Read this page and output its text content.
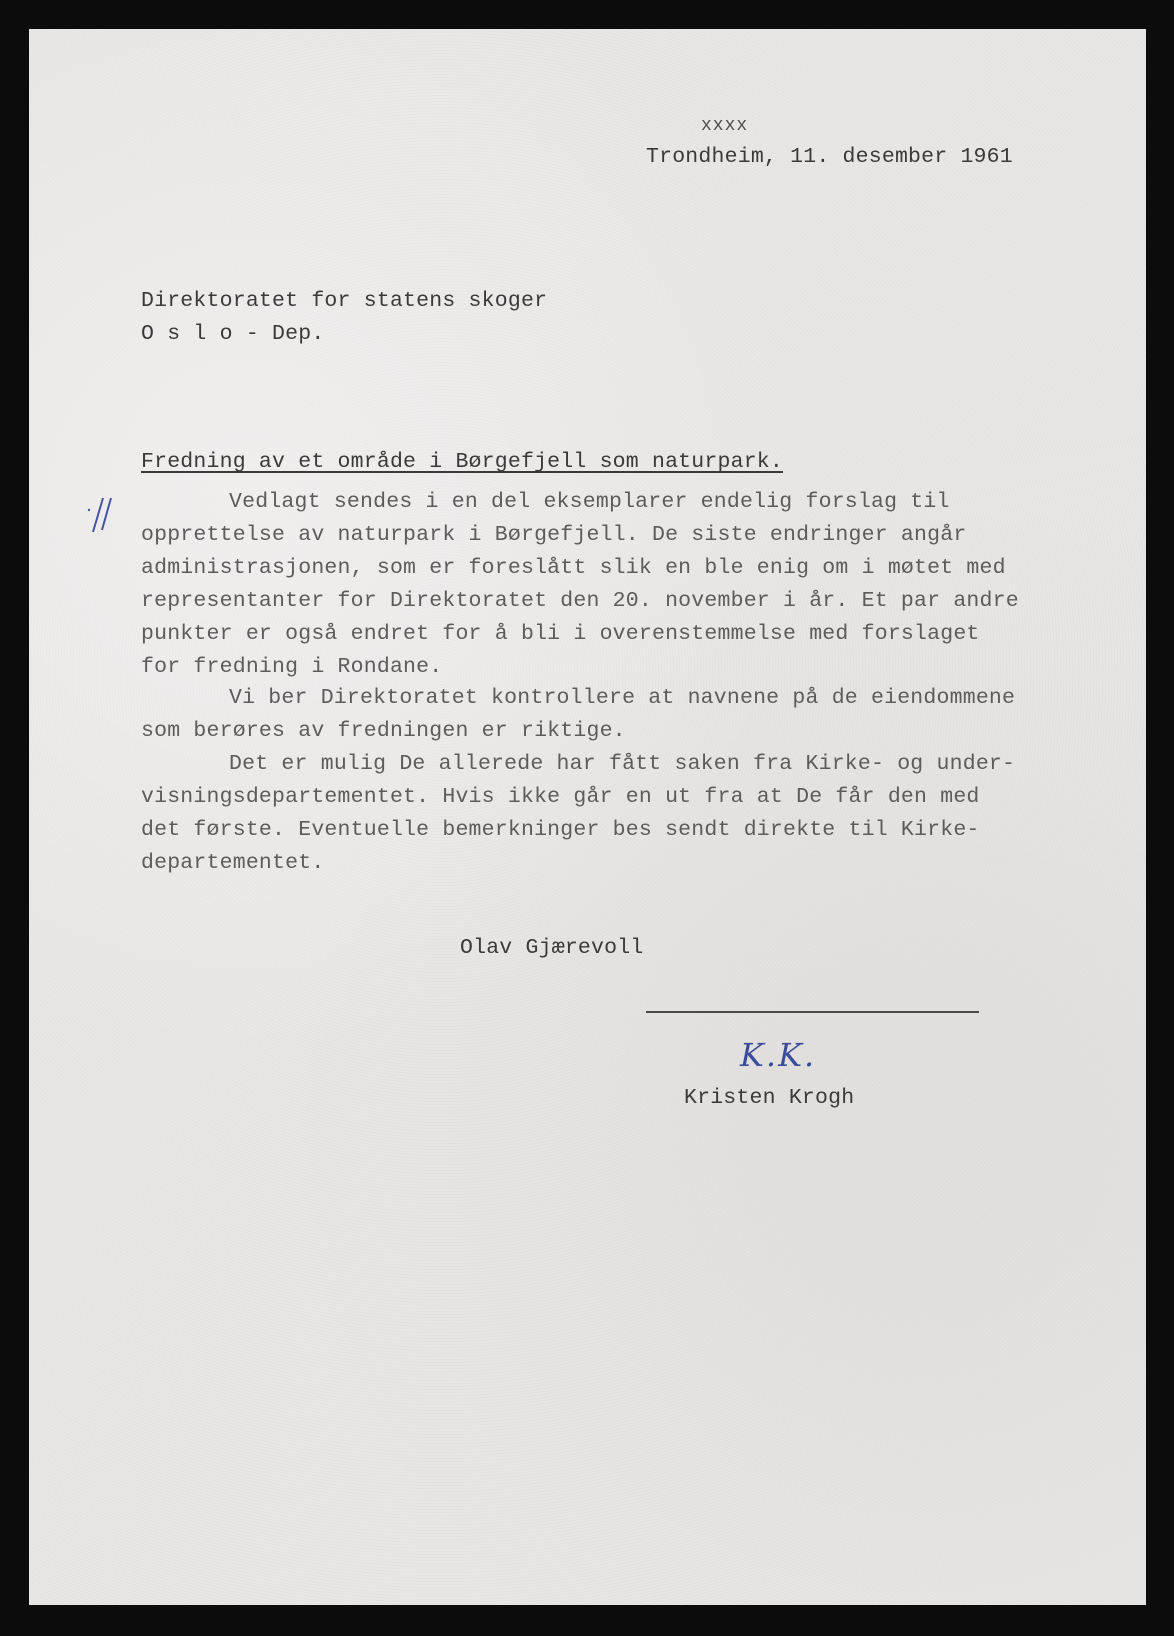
xxxx
Trondheim, 11. desember 1961
Direktoratet for statens skoger
O s l o - Dep.
Fredning av et område i Børgefjell som naturpark.
Vedlagt sendes i en del eksemplarer endelig forslag til
opprettelse av naturpark i Børgefjell. De siste endringer angår
administrasjonen, som er foreslått slik en ble enig om i møtet med
representanter for Direktoratet den 20. november i år. Et par andre
punkter er også endret for å bli i overenstemmelse med forslaget
for fredning i Rondane.
Vi ber Direktoratet kontrollere at navnene på de eiendommene
som berøres av fredningen er riktige.
Det er mulig De allerede har fått saken fra Kirke- og under-
visningsdepartementet. Hvis ikke går en ut fra at De får den med
det første. Eventuelle bemerkninger bes sendt direkte til Kirke-
departementet.
Olav Gjærevoll
K.K.
Kristen Krogh
